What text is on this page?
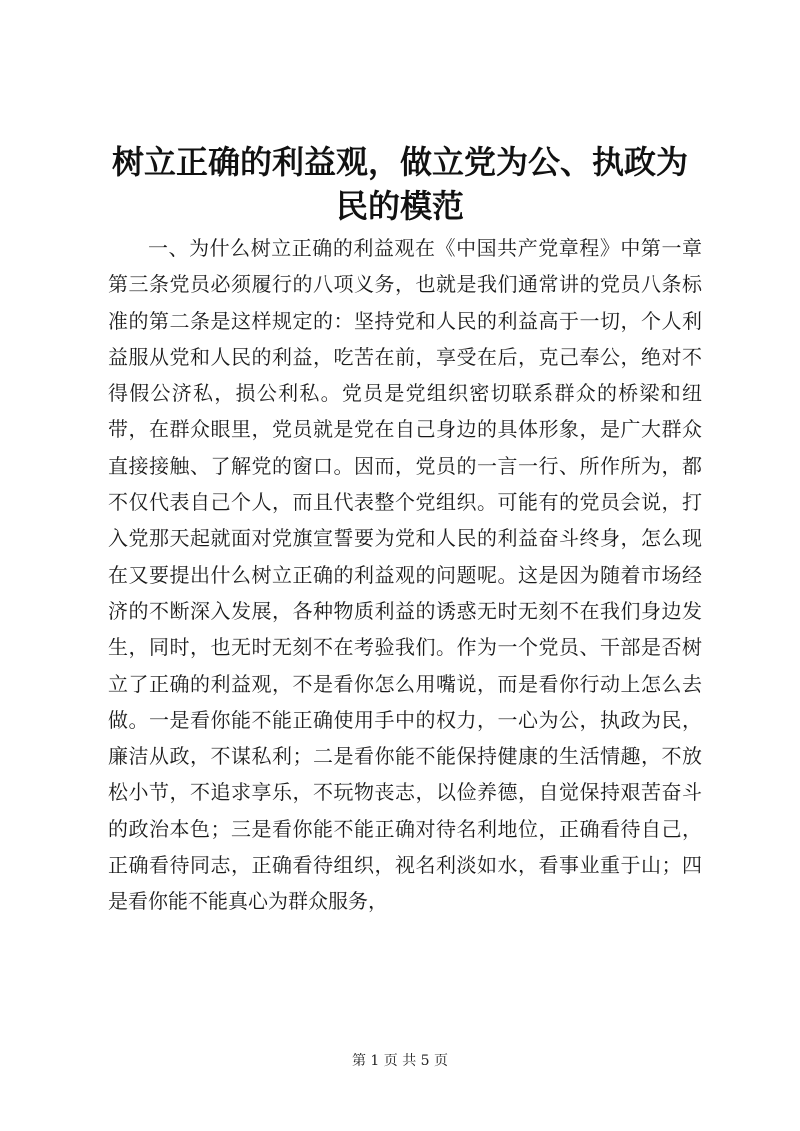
树立正确的利益观，做立党为公、执政为民的模范

一、为什么树立正确的利益观在《中国共产党章程》中第一章第三条党员必须履行的八项义务，也就是我们通常讲的党员八条标准的第二条是这样规定的：坚持党和人民的利益高于一切，个人利益服从党和人民的利益，吃苦在前，享受在后，克己奉公，绝对不得假公济私，损公利私。党员是党组织密切联系群众的桥梁和纽带，在群众眼里，党员就是党在自己身边的具体形象，是广大群众直接接触、了解党的窗口。因而，党员的一言一行、所作所为，都不仅代表自己个人，而且代表整个党组织。可能有的党员会说，打入党那天起就面对党旗宣誓要为党和人民的利益奋斗终身，怎么现在又要提出什么树立正确的利益观的问题呢。这是因为随着市场经济的不断深入发展，各种物质利益的诱惑无时无刻不在我们身边发生，同时，也无时无刻不在考验我们。作为一个党员、干部是否树立了正确的利益观，不是看你怎么用嘴说，而是看你行动上怎么去做。一是看你能不能正确使用手中的权力，一心为公，执政为民，廉洁从政，不谋私利；二是看你能不能保持健康的生活情趣，不放松小节，不追求享乐，不玩物丧志，以俭养德，自觉保持艰苦奋斗的政治本色；三是看你能不能正确对待名利地位，正确看待自己，正确看待同志，正确看待组织，视名利淡如水，看事业重于山；四是看你能不能真心为群众服务，

第 1 页 共 5 页
